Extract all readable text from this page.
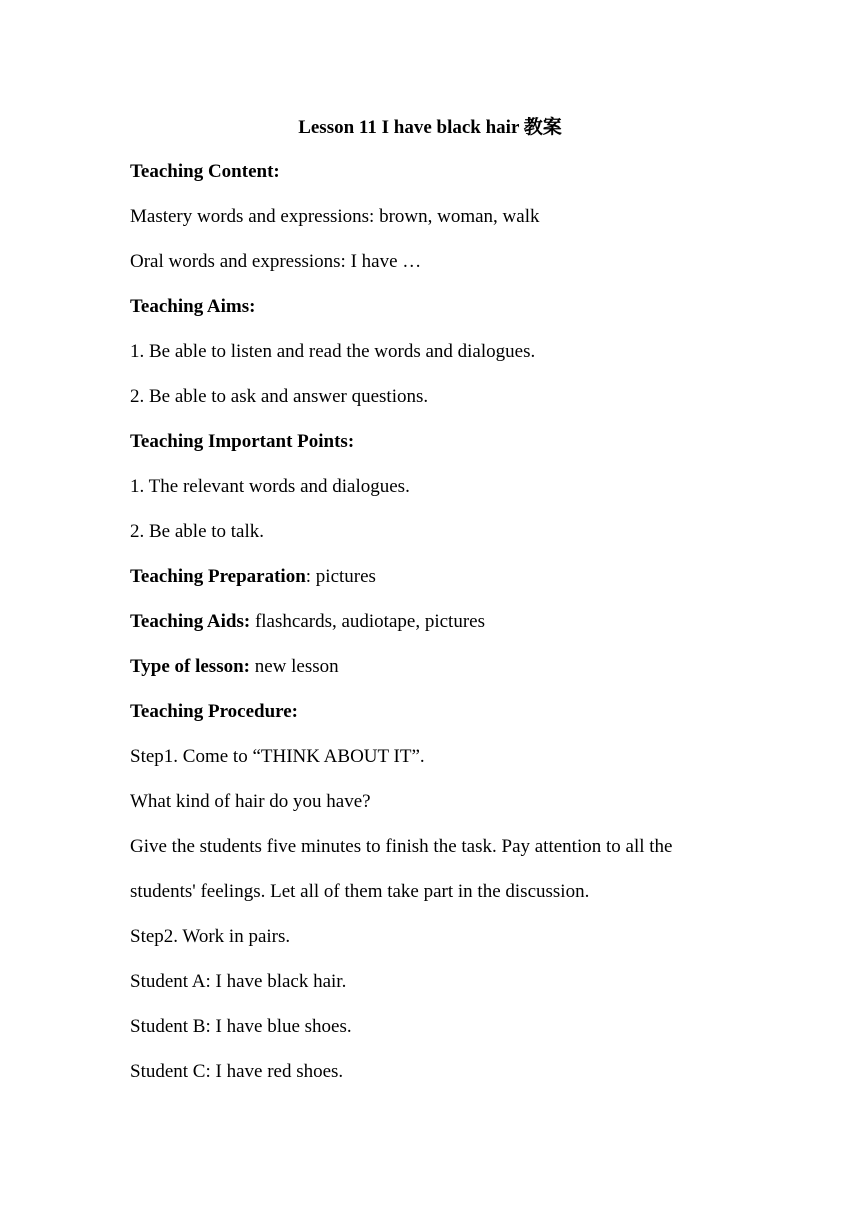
Lesson 11 I have black hair 教案
Teaching Content:
Mastery words and expressions: brown, woman, walk
Oral words and expressions: I have …
Teaching Aims:
1. Be able to listen and read the words and dialogues.
2. Be able to ask and answer questions.
Teaching Important Points:
1. The relevant words and dialogues.
2. Be able to talk.
Teaching Preparation: pictures
Teaching Aids: flashcards, audiotape, pictures
Type of lesson: new lesson
Teaching Procedure:
Step1. Come to “THINK ABOUT IT”.
What kind of hair do you have?
Give the students five minutes to finish the task. Pay attention to all the
students' feelings. Let all of them take part in the discussion.
Step2. Work in pairs.
Student A: I have black hair.
Student B: I have blue shoes.
Student C: I have red shoes.
